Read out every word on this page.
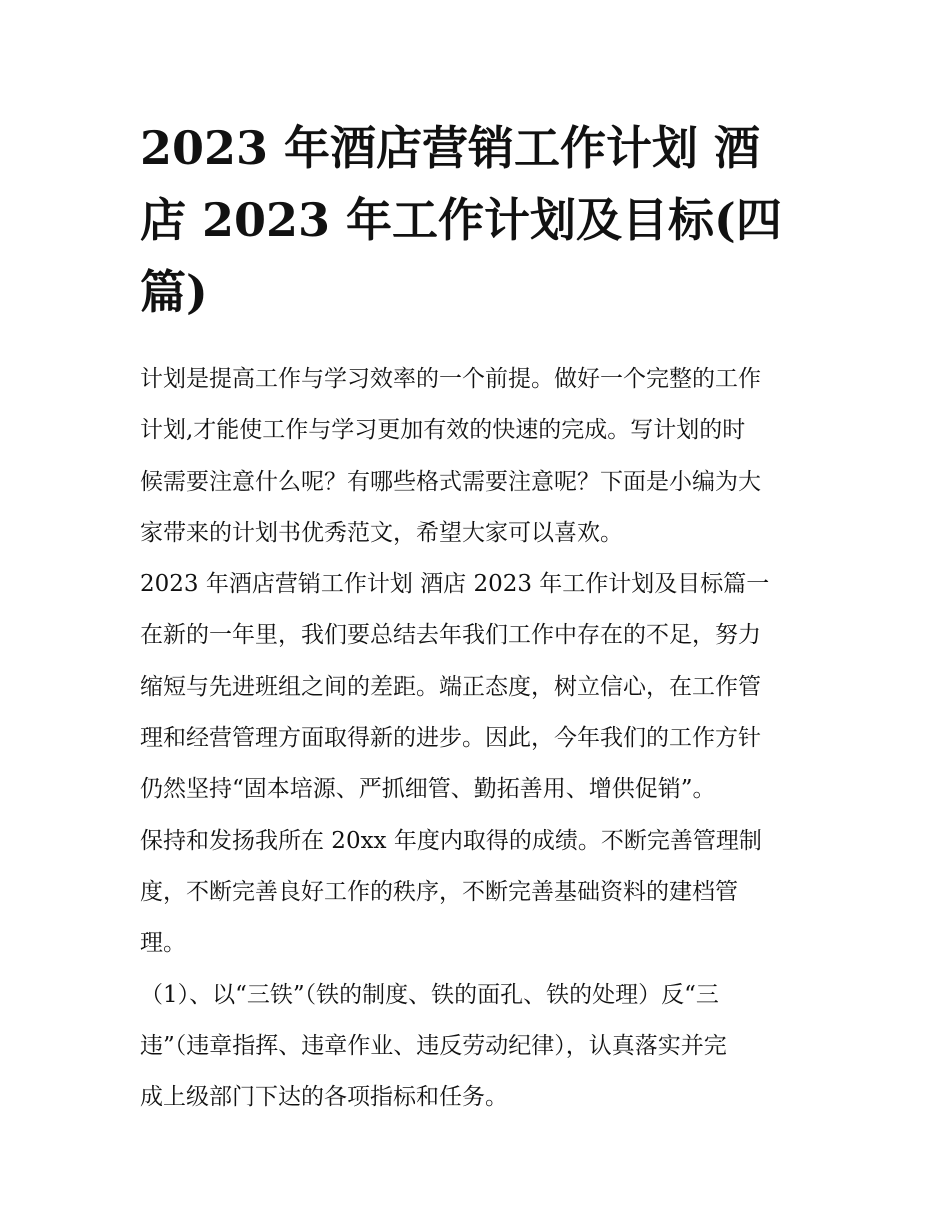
2023 年酒店营销工作计划 酒
店 2023 年工作计划及目标(四
篇)

计划是提高工作与学习效率的一个前提。做好一个完整的工作
计划,才能使工作与学习更加有效的快速的完成。写计划的时
候需要注意什么呢？有哪些格式需要注意呢？下面是小编为大
家带来的计划书优秀范文，希望大家可以喜欢。

2023 年酒店营销工作计划 酒店 2023 年工作计划及目标篇一

在新的一年里，我们要总结去年我们工作中存在的不足，努力
缩短与先进班组之间的差距。端正态度，树立信心，在工作管
理和经营管理方面取得新的进步。因此，今年我们的工作方针
仍然坚持“固本培源、严抓细管、勤拓善用、增供促销”。

保持和发扬我所在 20xx 年度内取得的成绩。不断完善管理制
度，不断完善良好工作的秩序，不断完善基础资料的建档管
理。

（1）、以“三铁”（铁的制度、铁的面孔、铁的处理）反“三
违”（违章指挥、违章作业、违反劳动纪律），认真落实并完
成上级部门下达的各项指标和任务。
